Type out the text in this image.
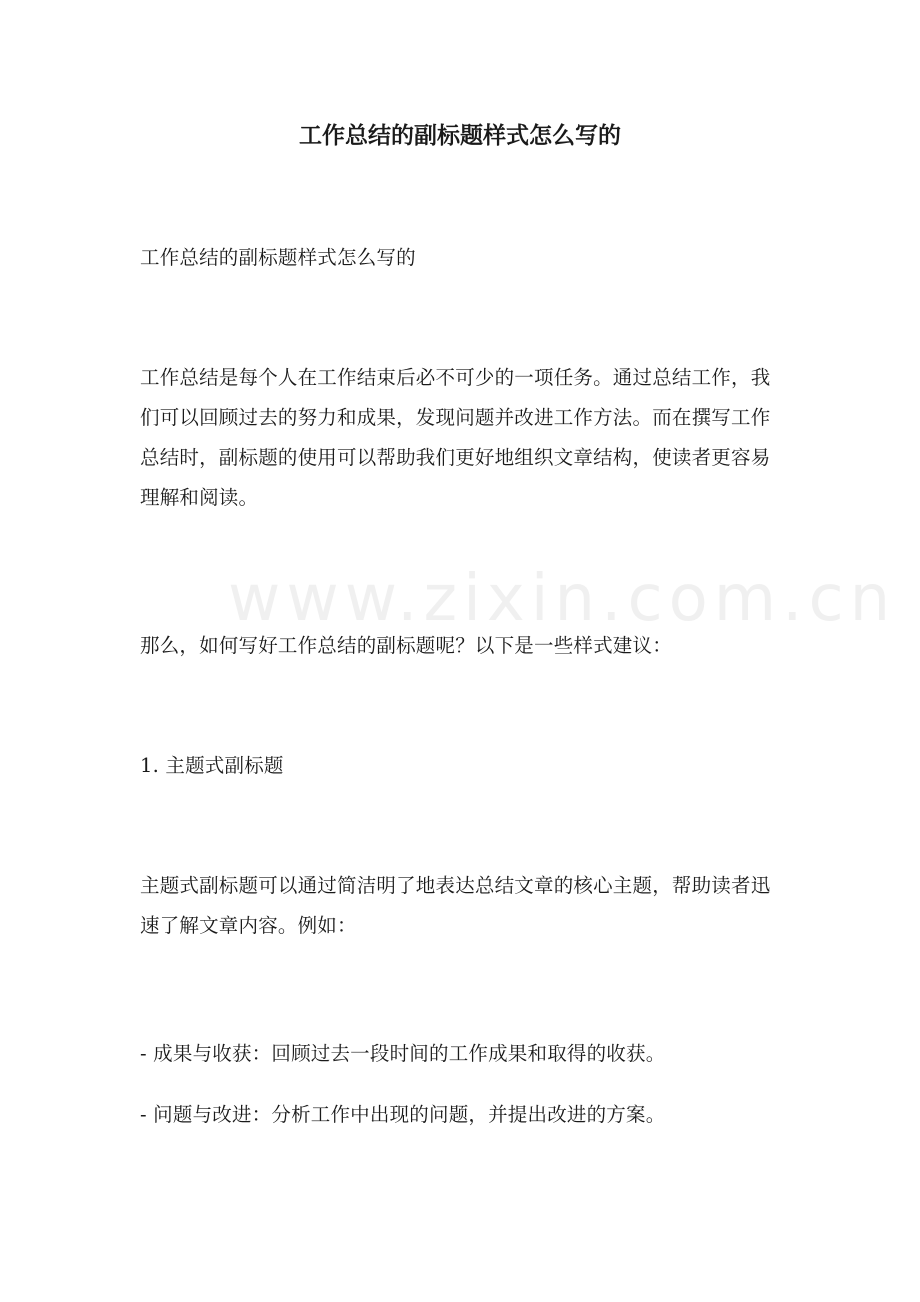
www.zixin.com.cn
工作总结的副标题样式怎么写的

工作总结的副标题样式怎么写的

工作总结是每个人在工作结束后必不可少的一项任务。通过总结工作，我们可以回顾过去的努力和成果，发现问题并改进工作方法。而在撰写工作总结时，副标题的使用可以帮助我们更好地组织文章结构，使读者更容易理解和阅读。

那么，如何写好工作总结的副标题呢？以下是一些样式建议：

1. 主题式副标题

主题式副标题可以通过简洁明了地表达总结文章的核心主题，帮助读者迅速了解文章内容。例如：

- 成果与收获：回顾过去一段时间的工作成果和取得的收获。

- 问题与改进：分析工作中出现的问题，并提出改进的方案。
